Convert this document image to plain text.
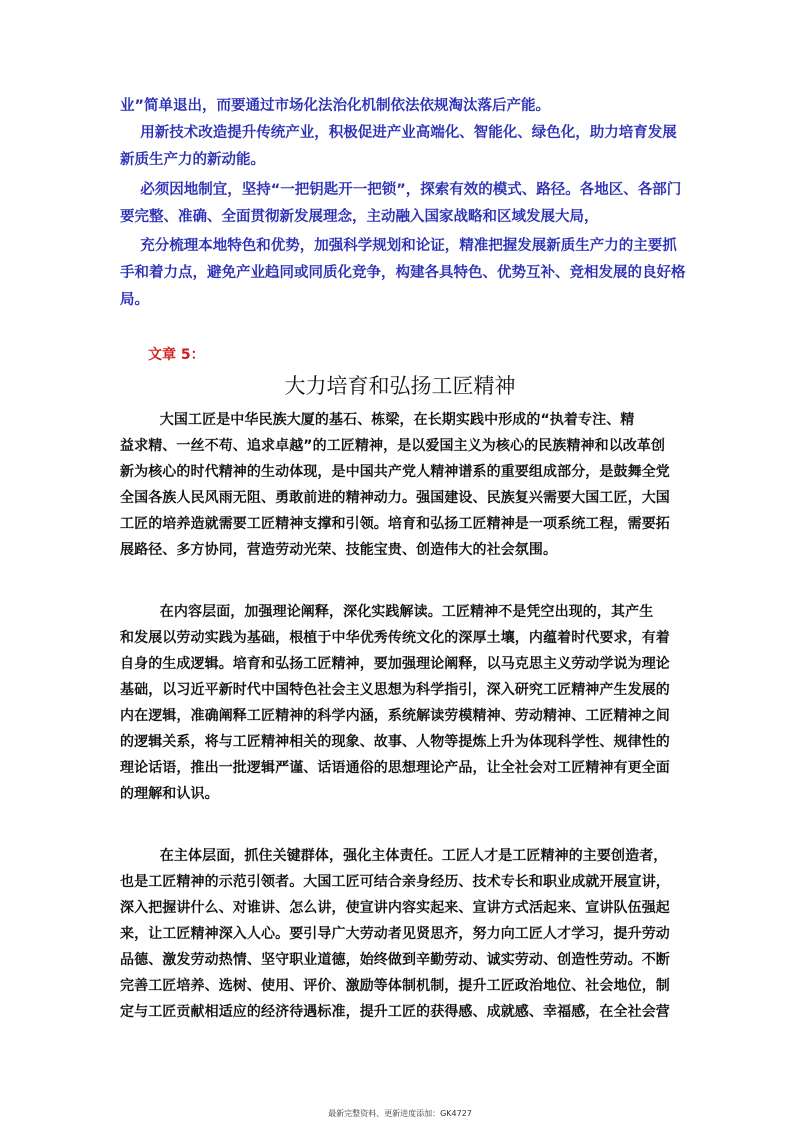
业”简单退出，而要通过市场化法治化机制依法依规淘汰落后产能。
用新技术改造提升传统产业，积极促进产业高端化、智能化、绿色化，助力培育发展
新质生产力的新动能。
必须因地制宜，坚持“一把钥匙开一把锁”，探索有效的模式、路径。各地区、各部门
要完整、准确、全面贯彻新发展理念，主动融入国家战略和区域发展大局，
充分梳理本地特色和优势，加强科学规划和论证，精准把握发展新质生产力的主要抓
手和着力点，避免产业趋同或同质化竞争，构建各具特色、优势互补、竞相发展的良好格
局。
文章 5：
大力培育和弘扬工匠精神
大国工匠是中华民族大厦的基石、栋梁，在长期实践中形成的“执着专注、精
益求精、一丝不苟、追求卓越”的工匠精神，是以爱国主义为核心的民族精神和以改革创
新为核心的时代精神的生动体现，是中国共产党人精神谱系的重要组成部分，是鼓舞全党
全国各族人民风雨无阻、勇敢前进的精神动力。强国建设、民族复兴需要大国工匠，大国
工匠的培养造就需要工匠精神支撑和引领。培育和弘扬工匠精神是一项系统工程，需要拓
展路径、多方协同，营造劳动光荣、技能宝贵、创造伟大的社会氛围。
在内容层面，加强理论阐释，深化实践解读。工匠精神不是凭空出现的，其产生
和发展以劳动实践为基础，根植于中华优秀传统文化的深厚土壤，内蕴着时代要求，有着
自身的生成逻辑。培育和弘扬工匠精神，要加强理论阐释，以马克思主义劳动学说为理论
基础，以习近平新时代中国特色社会主义思想为科学指引，深入研究工匠精神产生发展的
内在逻辑，准确阐释工匠精神的科学内涵，系统解读劳模精神、劳动精神、工匠精神之间
的逻辑关系，将与工匠精神相关的现象、故事、人物等提炼上升为体现科学性、规律性的
理论话语，推出一批逻辑严谨、话语通俗的思想理论产品，让全社会对工匠精神有更全面
的理解和认识。
在主体层面，抓住关键群体，强化主体责任。工匠人才是工匠精神的主要创造者，
也是工匠精神的示范引领者。大国工匠可结合亲身经历、技术专长和职业成就开展宣讲，
深入把握讲什么、对谁讲、怎么讲，使宣讲内容实起来、宣讲方式活起来、宣讲队伍强起
来，让工匠精神深入人心。要引导广大劳动者见贤思齐，努力向工匠人才学习，提升劳动
品德、激发劳动热情、坚守职业道德，始终做到辛勤劳动、诚实劳动、创造性劳动。不断
完善工匠培养、选树、使用、评价、激励等体制机制，提升工匠政治地位、社会地位，制
定与工匠贡献相适应的经济待遇标准，提升工匠的获得感、成就感、幸福感，在全社会营
最新完整资料、更新进度添加：GK4727
